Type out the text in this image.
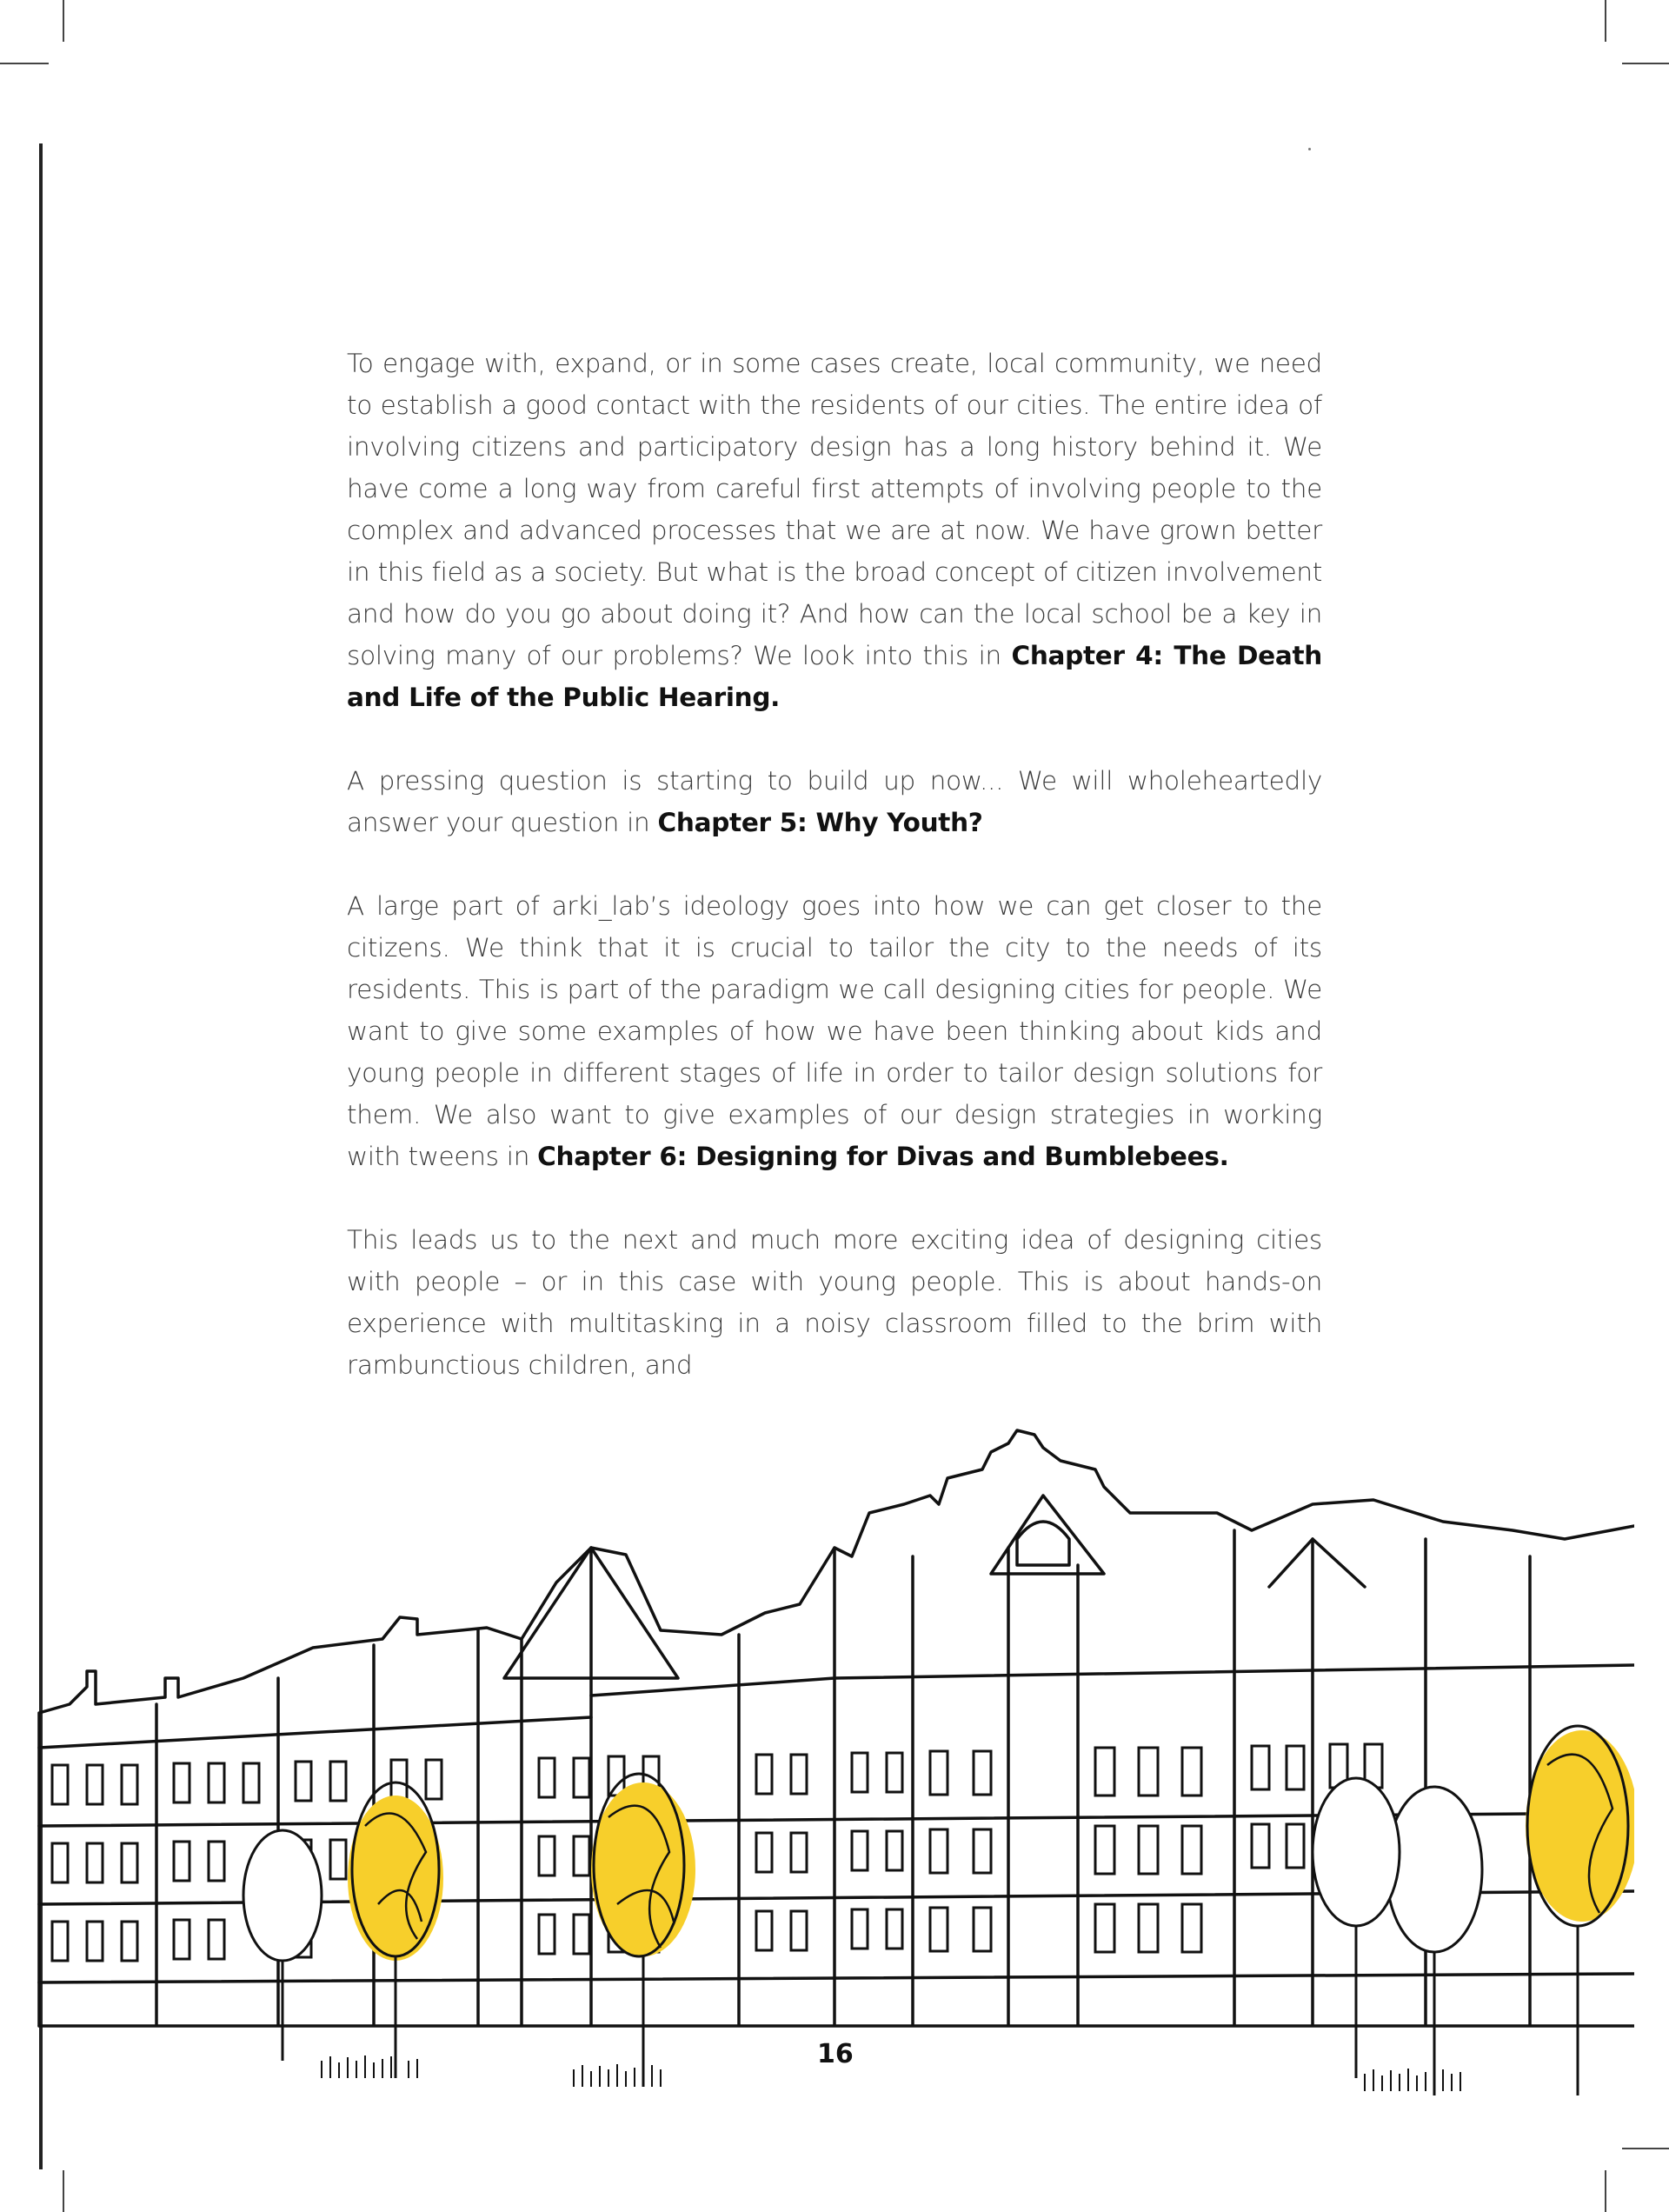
To engage with, expand, or in some cases create, local community, we need to establish a good contact with the residents of our cities. The entire idea of involving citizens and participatory design has a long history behind it. We have come a long way from careful first attempts of involving people to the complex and advanced processes that we are at now. We have grown better in this field as a society. But what is the broad concept of citizen involvement and how do you go about doing it? And how can the local school be a key in solving many of our problems? We look into this in Chapter 4: The Death and Life of the Public Hearing.

A pressing question is starting to build up now... We will wholeheartedly answer your question in Chapter 5: Why Youth?

A large part of arki_lab’s ideology goes into how we can get closer to the citizens. We think that it is crucial to tailor the city to the needs of its residents. This is part of the paradigm we call designing cities for people. We want to give some examples of how we have been thinking about kids and young people in different stages of life in order to tailor design solutions for them. We also want to give examples of our design strategies in working with tweens in Chapter 6: Designing for Divas and Bumblebees.

This leads us to the next and much more exciting idea of designing cities with people – or in this case with young people. This is about hands-on experience with multitasking in a noisy classroom filled to the brim with rambunctious children, and

16
